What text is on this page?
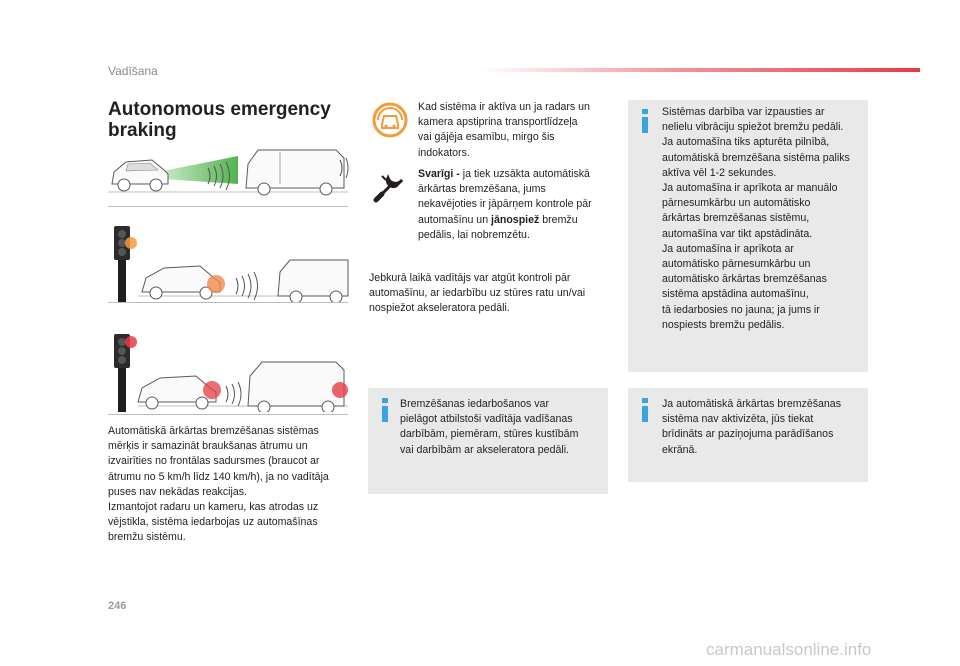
Vadīšana
Autonomous emergency
braking
Automātiskā ārkārtas bremzēšanas sistēmas
mērķis ir samazināt braukšanas ātrumu un
izvairīties no frontālas sadursmes (braucot ar
ātrumu no 5 km/h līdz 140 km/h), ja no vadītāja
puses nav nekādas reakcijas.
Izmantojot radaru un kameru, kas atrodas uz
vējstikla, sistēma iedarbojas uz automašīnas
bremžu sistēmu.
Kad sistēma ir aktīva un ja radars un
kamera apstiprina transportlīdzeļa
vai gājēja esamību, mirgo šis
indokators.
Svarīgi - ja tiek uzsākta automātiskā
ārkārtas bremzēšana, jums
nekavējoties ir jāpārņem kontrole pār
automašīnu un jānospiež bremžu
pedālis, lai nobremzētu.
Jebkurā laikā vadītājs var atgūt kontroli pār
automašīnu, ar iedarbību uz stūres ratu un/vai
nospiežot akseleratora pedāli.
Bremzēšanas iedarbošanos var
pielāgot atbilstoši vadītāja vadīšanas
darbībām, piemēram, stūres kustībām
vai darbībām ar akseleratora pedāli.
Sistēmas darbība var izpausties ar
nelielu vibrāciju spiežot bremžu pedāli.
Ja automašīna tiks apturēta pilnībā,
automātiskā bremzēšana sistēma paliks
aktīva vēl 1-2 sekundes.
Ja automašīna ir aprīkota ar manuālo
pārnesumkārbu un automātisko
ārkārtas bremzēšanas sistēmu,
automašīna var tikt apstādināta.
Ja automašīna ir aprīkota ar
automātisko pārnesumkārbu un
automātisko ārkārtas bremzēšanas
sistēma apstādina automašīnu,
tā iedarbosies no jauna; ja jums ir
nospiests bremžu pedālis.
Ja automātiskā ārkārtas bremzēšanas
sistēma nav aktivizēta, jūs tiekat
brīdināts ar paziņojuma parādīšanos
ekrānā.
246
carmanualsonline.info
